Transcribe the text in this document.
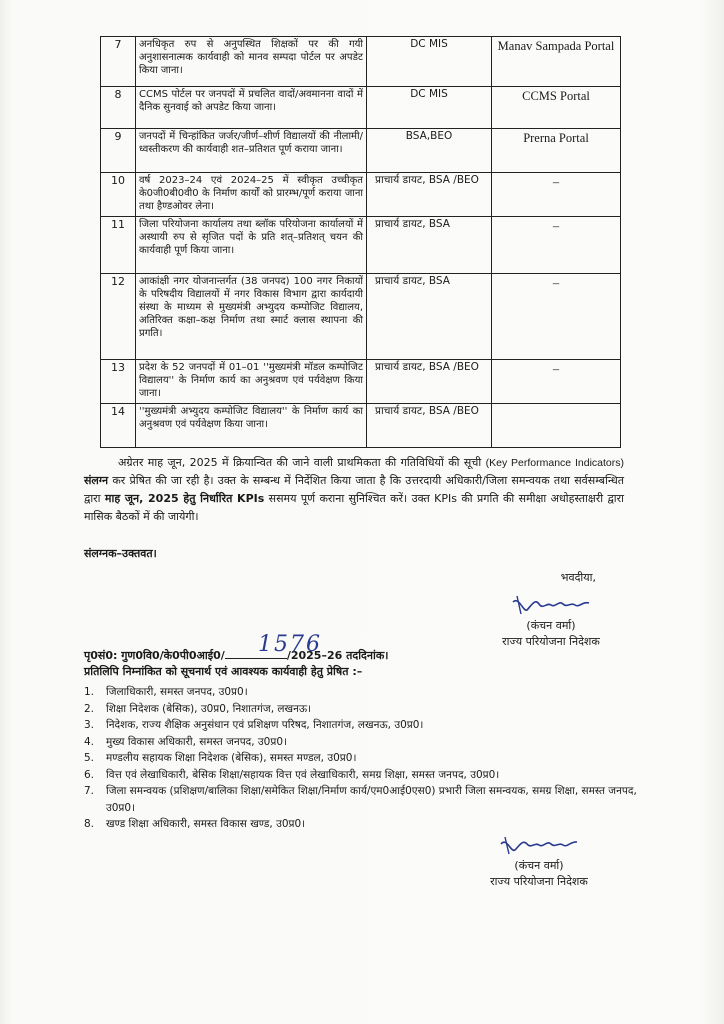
7	अनधिकृत रुप से अनुपस्थित शिक्षकों पर की गयी अनुशासनात्मक कार्यवाही को मानव सम्पदा पोर्टल पर अपडेट किया जाना।	DC MIS	Manav Sampada Portal
8	CCMS पोर्टल पर जनपदों में प्रचलित वादों/अवमानना वादों में दैनिक सुनवाई को अपडेट किया जाना।	DC MIS	CCMS Portal
9	जनपदों में चिन्हांकित जर्जर/जीर्ण–शीर्ण विद्यालयों की नीलामी/ ध्वस्तीकरण की कार्यवाही शत–प्रतिशत पूर्ण कराया जाना।	BSA,BEO	Prerna Portal
10	वर्ष 2023–24 एवं 2024–25 में स्वीकृत उच्चीकृत के0जी0बी0वी0 के निर्माण कार्यों को प्रारम्भ/पूर्ण कराया जाना तथा हैण्डओवर लेना।	प्राचार्य डायट, BSA /BEO	–
11	जिला परियोजना कार्यालय तथा ब्लॉक परियोजना कार्यालयों में अस्थायी रुप से सृजित पदों के प्रति शत्–प्रतिशत् चयन की कार्यवाही पूर्ण किया जाना।	प्राचार्य डायट, BSA	–
12	आकांक्षी नगर योजनान्तर्गत (38 जनपद) 100 नगर निकायों के परिषदीय विद्यालयों में नगर विकास विभाग द्वारा कार्यदायी संस्था के माध्यम से मुख्यमंत्री अभ्युदय कम्पोजिट विद्यालय, अतिरिक्त कक्षा–कक्ष निर्माण तथा स्मार्ट क्लास स्थापना की प्रगति।	प्राचार्य डायट, BSA	–
13	प्रदेश के 52 जनपदों में 01–01 ''मुख्यमंत्री मॉडल कम्पोजिट विद्यालय'' के निर्माण कार्य का अनुश्रवण एवं पर्यवेक्षण किया जाना।	प्राचार्य डायट, BSA /BEO	–
14	''मुख्यमंत्री अभ्युदय कम्पोजिट विद्यालय'' के निर्माण कार्य का अनुश्रवण एवं पर्यवेक्षण किया जाना।	प्राचार्य डायट, BSA /BEO	
अग्रेतर माह जून, 2025 में क्रियान्वित की जाने वाली प्राथमिकता की गतिविधियों की सूची (Key Performance Indicators) संलग्न कर प्रेषित की जा रही है। उक्त के सम्बन्ध में निर्देशित किया जाता है कि उत्तरदायी अधिकारी/जिला समन्वयक तथा सर्वसम्बन्धित द्वारा माह जून, 2025 हेतु निर्धारित KPIs ससमय पूर्ण कराना सुनिश्चित करें। उक्त KPIs की प्रगति की समीक्षा अधोहस्ताक्षरी द्वारा मासिक बैठकों में की जायेगी।
संलग्नक–उक्तवत।
भवदीया,
(कंचन वर्मा)
राज्य परियोजना निदेशक
1576
पृ0सं0: गुण0वि0/के0पी0आई0/	/2025–26 तददिनांक।
प्रतिलिपि निम्नांकित को सूचनार्थ एवं आवश्यक कार्यवाही हेतु प्रेषित :–
1.	जिलाधिकारी, समस्त जनपद, उ0प्र0।
2.	शिक्षा निदेशक (बेसिक), उ0प्र0, निशातगंज, लखनऊ।
3.	निदेशक, राज्य शैक्षिक अनुसंधान एवं प्रशिक्षण परिषद, निशातगंज, लखनऊ, उ0प्र0।
4.	मुख्य विकास अधिकारी, समस्त जनपद, उ0प्र0।
5.	मण्डलीय सहायक शिक्षा निदेशक (बेसिक), समस्त मण्डल, उ0प्र0।
6.	वित्त एवं लेखाधिकारी, बेसिक शिक्षा/सहायक वित्त एवं लेखाधिकारी, समग्र शिक्षा, समस्त जनपद, उ0प्र0।
7.	जिला समन्वयक (प्रशिक्षण/बालिका शिक्षा/समेकित शिक्षा/निर्माण कार्य/एम0आई0एस0) प्रभारी जिला समन्वयक, समग्र शिक्षा, समस्त जनपद, उ0प्र0।
8.	खण्ड शिक्षा अधिकारी, समस्त विकास खण्ड, उ0प्र0।
(कंचन वर्मा)
राज्य परियोजना निदेशक
